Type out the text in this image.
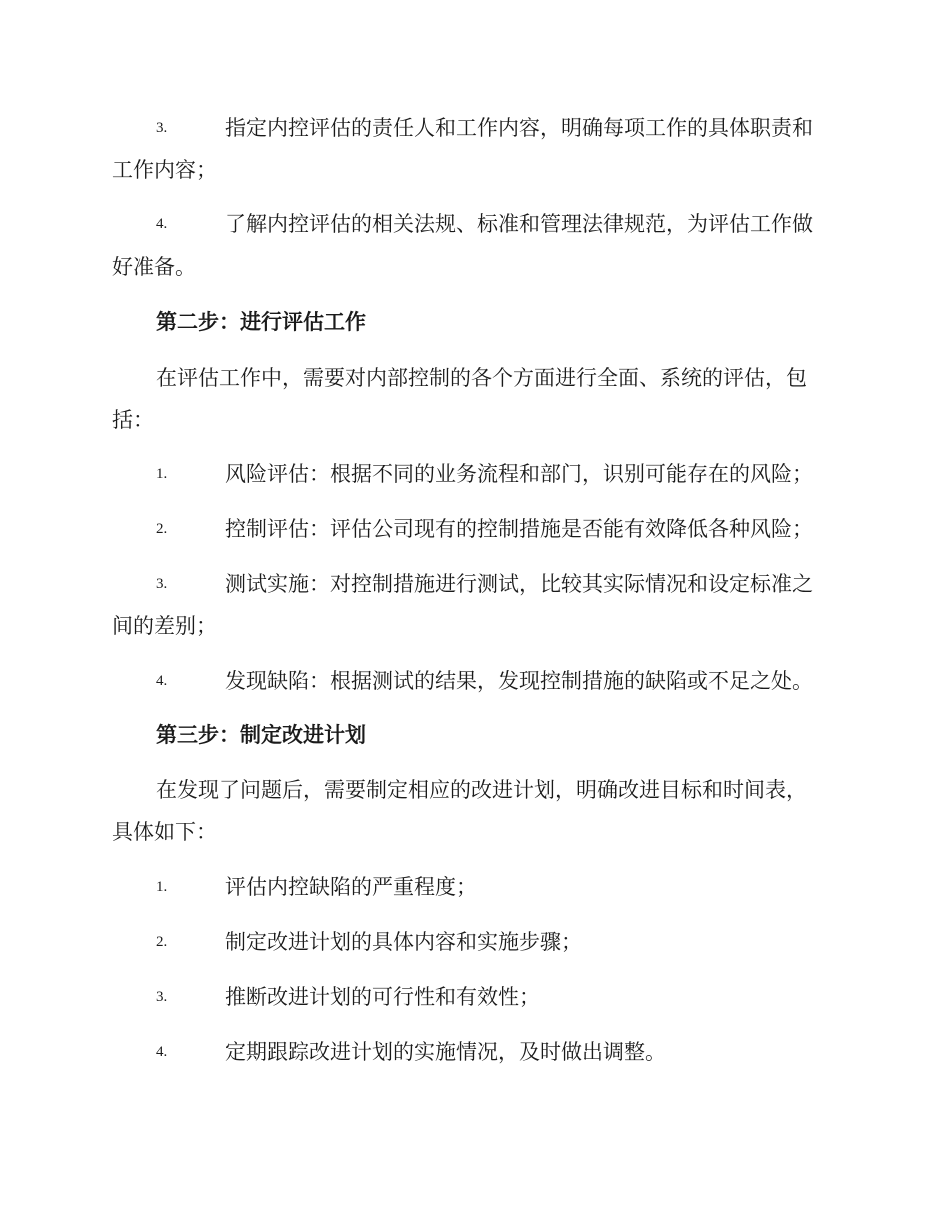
3.	指定内控评估的责任人和工作内容，明确每项工作的具体职责和
工作内容；
4.	了解内控评估的相关法规、标准和管理法律规范，为评估工作做
好准备。
第二步：进行评估工作
在评估工作中，需要对内部控制的各个方面进行全面、系统的评估，包
括：
1.	风险评估：根据不同的业务流程和部门，识别可能存在的风险；
2.	控制评估：评估公司现有的控制措施是否能有效降低各种风险；
3.	测试实施：对控制措施进行测试，比较其实际情况和设定标准之
间的差别；
4.	发现缺陷：根据测试的结果，发现控制措施的缺陷或不足之处。
第三步：制定改进计划
在发现了问题后，需要制定相应的改进计划，明确改进目标和时间表，
具体如下：
1.	评估内控缺陷的严重程度；
2.	制定改进计划的具体内容和实施步骤；
3.	推断改进计划的可行性和有效性；
4.	定期跟踪改进计划的实施情况，及时做出调整。
